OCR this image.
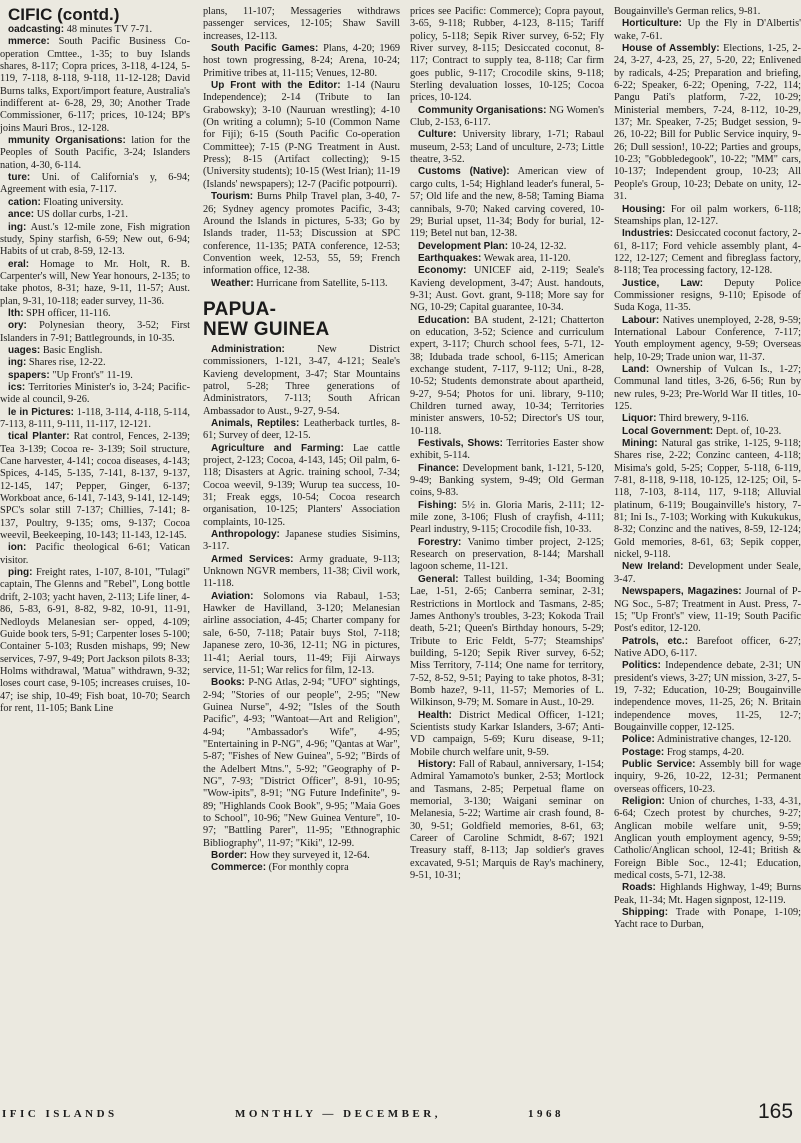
CIFIC (contd.)

oadcasting: 48 minutes TV 7-71.

mmerce: South Pacific Business Co-operation Cmttee., 1-35; to buy Islands shares, 8-117; Copra prices, 3-118, 4-124, 5-119, 7-118, 8-118, 9-118, 11-12-128; David Burns talks, Export/import feature, Australia's indifferent at- 6-28, 29, 30; Another Trade Commissioner, 6-117; prices, 10-124; BP's joins Mauri Bros., 12-128.

mmunity Organisations: lation for the Peoples of South Pacific, 3-24; Islanders nation, 4-30, 6-114.

ture: Uni. of California's y, 6-94; Agreement with esia, 7-117.

cation: Floating university.

ance: US dollar curbs, 1-21.

ing: Aust.'s 12-mile zone, Fish migration study, Spiny starfish, 6-59; New out, 6-94; Habits of ut crab, 8-59, 12-13.

eral: Homage to Mr. Holt, R. B. Carpenter's will, New Year honours, 2-135; to take photos, 8-31; haze, 9-11, 11-57; Aust. plan, 9-31, 10-118; eader survey, 11-36.

lth: SPH officer, 11-116.

ory: Polynesian theory, 3-52; First Islanders in 7-91; Battlegrounds, in 10-35.

uages: Basic English.

ing: Shares rise, 12-22.

spapers: "Up Front's" 11-19.

ics: Territories Minister's io, 3-24; Pacific-wide al council, 9-26.

le in Pictures: 1-118, 3-114, 4-118, 5-114, 7-113, 8-111, 9-111, 11-117, 12-121.

tical Planter: Rat control, Fences, 2-139; Tea 3-139; Cocoa re- 3-139; Soil structure, Cane harvester, 4-141; cocoa diseases, 4-143; Spices, 4-145, 5-135, 7-141, 8-137, 9-137, 12-145, 147; Pepper, Ginger, 6-137; Workboat ance, 6-141, 7-143, 9-141, 12-149; SPC's solar still 7-137; Chillies, 7-141; 8-137, Poultry, 9-135; oms, 9-137; Cocoa weevil, Beekeeping, 10-143; 11-143, 12-145.

ion: Pacific theological 6-61; Vatican visitor.

ping: Freight rates, 1-107, 8-101, "Tulagi" captain, The Glenns and "Rebel", Long bottle drift, 2-103; yacht haven, 2-113; Life liner, 4-86, 5-83, 6-91, 8-82, 9-82, 10-91, 11-91, Nedloyds Melanesian ser- opped, 4-109; Guide book ters, 5-91; Carpenter loses 5-100; Container 5-103; Rusden mishaps, 99; New services, 7-97, 9-49; Port Jackson pilots 8-33; Holms withdrawal, 'Matua" withdrawn, 9-32; loses court case, 9-105; increases cruises, 10-47; ise ship, 10-49; Fish boat, 10-70; Search for rent, 11-105; Bank Line

plans, 11-107; Messageries withdraws passenger services, 12-105; Shaw Savill increases, 12-113.

South Pacific Games: Plans, 4-20; 1969 host town progressing, 8-24; Arena, 10-24; Primitive tribes at, 11-115; Venues, 12-80.

Up Front with the Editor: 1-14 (Nauru Independence); 2-14 (Tribute to Ian Grabowsky); 3-10 (Nauruan wrestling); 4-10 (On writing a column); 5-10 (Common Name for Fiji); 6-15 (South Pacific Co-operation Committee); 7-15 (P-NG Treatment in Aust. Press); 8-15 (Artifact collecting); 9-15 (University students); 10-15 (West Irian); 11-19 (Islands' newspapers); 12-7 (Pacific potpourri).

Tourism: Burns Philp Travel plan, 3-40, 7-26; Sydney agency promotes Pacific, 3-43; Around the Islands in pictures, 5-33; Go by Islands trader, 11-53; Discussion at SPC conference, 11-135; PATA conference, 12-53; Convention week, 12-53, 55, 59; French information office, 12-38.

Weather: Hurricane from Satellite, 5-113.

PAPUA-
NEW GUINEA

Administration:	New District commissioners, 1-121, 3-47, 4-121; Seale's Kavieng development, 3-47; Star Mountains patrol, 5-28; Three generations of Administrators, 7-113; South African Ambassador to Aust., 9-27, 9-54.

Animals, Reptiles: Leatherback turtles, 8-61; Survey of deer, 12-15.

Agriculture and Farming: Lae cattle project, 2-123; Cocoa, 4-143, 145; Oil palm, 6-118; Disasters at Agric. training school, 7-34; Cocoa weevil, 9-139; Wurup tea success, 10-31; Freak eggs, 10-54; Cocoa research organisation, 10-125; Planters' Association complaints, 10-125.

Anthropology: Japanese studies Sisimins, 3-117.

Armed Services: Army graduate, 9-113; Unknown NGVR members, 11-38; Civil work, 11-118.

Aviation: Solomons via Rabaul, 1-53; Hawker de Havilland, 3-120; Melanesian airline association, 4-45; Charter company for sale, 6-50, 7-118; Patair buys Stol, 7-118; Japanese zero, 10-36, 12-11; NG in pictures, 11-41; Aerial tours, 11-49; Fiji Airways service, 11-51; War relics for film, 12-13.

Books: P-NG Atlas, 2-94; "UFO" sightings, 2-94; "Stories of our people", 2-95; "New Guinea Nurse", 4-92; "Isles of the South Pacific", 4-93; "Wantoat—Art and Religion", 4-94; "Ambassador's Wife", 4-95; "Entertaining in P-NG", 4-96; "Qantas at War", 5-87; "Fishes of New Guinea", 5-92; "Birds of the Adelbert Mtns.", 5-92; "Geography of P-NG", 7-93; "District Officer", 8-91, 10-95; "Wow-ipits", 8-91; "NG Future Indefinite", 9-89; "Highlands Cook Book", 9-95; "Maia Goes to School", 10-96; "New Guinea Venture", 10-97; "Battling Parer", 11-95; "Ethnographic Bibliography", 11-97; "Kiki", 12-99.

Border: How they surveyed it, 12-64.

Commerce: (For monthly copra

prices see Pacific: Commerce); Copra payout, 3-65, 9-118; Rubber, 4-123, 8-115; Tariff policy, 5-118; Sepik River survey, 6-52; Fly River survey, 8-115; Desiccated coconut, 8-117; Contract to supply tea, 8-118; Car firm goes public, 9-117; Crocodile skins, 9-118; Sterling devaluation losses, 10-125; Cocoa prices, 10-124.

Community Organisations: NG Women's Club, 2-153, 6-117.

Culture: University library, 1-71; Rabaul museum, 2-53; Land of unculture, 2-73; Little theatre, 3-52.

Customs (Native): American view of cargo cults, 1-54; Highland leader's funeral, 5-57; Old life and the new, 8-58; Taming Biama cannibals, 9-70; Naked carving covered, 10-29; Burial upset, 11-34; Body for burial, 12-119; Betel nut ban, 12-38.

Development Plan: 10-24, 12-32.

Earthquakes: Wewak area, 11-120.

Economy: UNICEF aid, 2-119; Seale's Kavieng development, 3-47; Aust. handouts, 9-31; Aust. Govt. grant, 9-118; More say for NG, 10-29; Capital guarantee, 10-34.

Education: BA student, 2-121; Chatterton on education, 3-52; Science and curriculum expert, 3-117; Church school fees, 5-71, 12-38; Idubada trade school, 6-115; American exchange student, 7-117, 9-112; Uni., 8-28, 10-52; Students demonstrate about apartheid, 9-27, 9-54; Photos for uni. library, 9-110; Children turned away, 10-34; Territories minister answers, 10-52; Director's US tour, 10-118.

Festivals, Shows: Territories Easter show exhibit, 5-114.

Finance: Development bank, 1-121, 5-120, 9-49; Banking system, 9-49; Old German coins, 9-83.

Fishing: 5½ in. Gloria Maris, 2-111; 12-mile zone, 3-106; Flush of crayfish, 4-111; Pearl industry, 9-115; Crocodile fish, 10-33.

Forestry: Vanimo timber project, 2-125; Research on preservation, 8-144; Marshall lagoon scheme, 11-121.

General: Tallest building, 1-34; Booming Lae, 1-51, 2-65; Canberra seminar, 2-31; Restrictions in Mortlock and Tasmans, 2-85; James Anthony's troubles, 3-23; Kokoda Trail death, 5-21; Queen's Birthday honours, 5-29; Tribute to Eric Feldt, 5-77; Steamships' building, 5-120; Sepik River survey, 6-52; Miss Territory, 7-114; One name for territory, 7-52, 8-52, 9-51; Paying to take photos, 8-31; Bomb haze?, 9-11, 11-57; Memories of L. Wilkinson, 9-79; M. Somare in Aust., 10-29.

Health: District Medical Officer, 1-121; Scientists study Karkar Islanders, 3-67; Anti-VD campaign, 5-69; Kuru disease, 9-11; Mobile church welfare unit, 9-59.

History: Fall of Rabaul, anniversary, 1-154; Admiral Yamamoto's bunker, 2-53; Mortlock and Tasmans, 2-85; Perpetual flame on memorial, 3-130; Waigani seminar on Melanesia, 5-22; Wartime air crash found, 8-30, 9-51; Goldfield memories, 8-61, 63; Career of Caroline Schmidt, 8-67; 1921 Treasury staff, 8-113; Jap soldier's graves excavated, 9-51; Marquis de Ray's machinery, 9-51, 10-31;

Bougainville's German relics, 9-81.

Horticulture: Up the Fly in D'Albertis' wake, 7-61.

House of Assembly: Elections, 1-25, 2-24, 3-27, 4-23, 25, 27, 5-20, 22; Enlivened by radicals, 4-25; Preparation and briefing, 6-22; Speaker, 6-22; Opening, 7-22, 114; Pangu Pati's platform, 7-22, 10-29; Ministerial members, 7-24, 8-112, 10-29, 137; Mr. Speaker, 7-25; Budget session, 9-26, 10-22; Bill for Public Service inquiry, 9-26; Dull session!, 10-22; Parties and groups, 10-23; "Gobbledegook", 10-22; "MM" cars, 10-137; Independent group, 10-23; All People's Group, 10-23; Debate on unity, 12-31.

Housing: For oil palm workers, 6-118; Steamships plan, 12-127.

Industries: Desiccated coconut factory, 2-61, 8-117; Ford vehicle assembly plant, 4-122, 12-127; Cement and fibreglass factory, 8-118; Tea processing factory, 12-128.

Justice, Law: Deputy Police Commissioner resigns, 9-110; Episode of Suda Koga, 11-35.

Labour: Natives unemployed, 2-28, 9-59; International Labour Conference, 7-117; Youth employment agency, 9-59; Overseas help, 10-29; Trade union war, 11-37.

Land: Ownership of Vulcan Is., 1-27; Communal land titles, 3-26, 6-56; Run by new rules, 9-23; Pre-World War II titles, 10-125.

Liquor: Third brewery, 9-116.

Local Government: Dept. of, 10-23.

Mining: Natural gas strike, 1-125, 9-118; Shares rise, 2-22; Conzinc canteen, 4-118; Misima's gold, 5-25; Copper, 5-118, 6-119, 7-81, 8-118, 9-118, 10-125, 12-125; Oil, 5-118, 7-103, 8-114, 117, 9-118; Alluvial platinum, 6-119; Bougainville's history, 7-81; Ini Is., 7-103; Working with Kukukukus, 8-32; Conzinc and the natives, 8-59, 12-124; Gold memories, 8-61, 63; Sepik copper, nickel, 9-118.

New Ireland: Development under Seale, 3-47.

Newspapers, Magazines: Journal of P-NG Soc., 5-87; Treatment in Aust. Press, 7-15; "Up Front's" view, 11-19; South Pacific Post's editor, 12-120.

Patrols, etc.: Barefoot officer, 6-27; Native ADO, 6-117.

Politics: Independence debate, 2-31; UN president's views, 3-27; UN mission, 3-27, 5-19, 7-32; Education, 10-29; Bougainville independence moves, 11-25, 26; N. Britain independence moves, 11-25, 12-7; Bougainville copper, 12-125.

Police: Administrative changes, 12-120.

Postage: Frog stamps, 4-20.

Public Service: Assembly bill for wage inquiry, 9-26, 10-22, 12-31; Permanent overseas officers, 10-23.

Religion: Union of churches, 1-33, 4-31, 6-64; Czech protest by churches, 9-27; Anglican mobile welfare unit, 9-59; Anglican youth employment agency, 9-59; Catholic/Anglican school, 12-41; British & Foreign Bible Soc., 12-41; Education, medical costs, 5-71, 12-38.

Roads: Highlands Highway, 1-49; Burns Peak, 11-34; Mt. Hagen signpost, 12-119.

Shipping: Trade with Ponape, 1-109; Yacht race to Durban,

IFIC ISLANDS	MONTHLY — DECEMBER,	1968	165
